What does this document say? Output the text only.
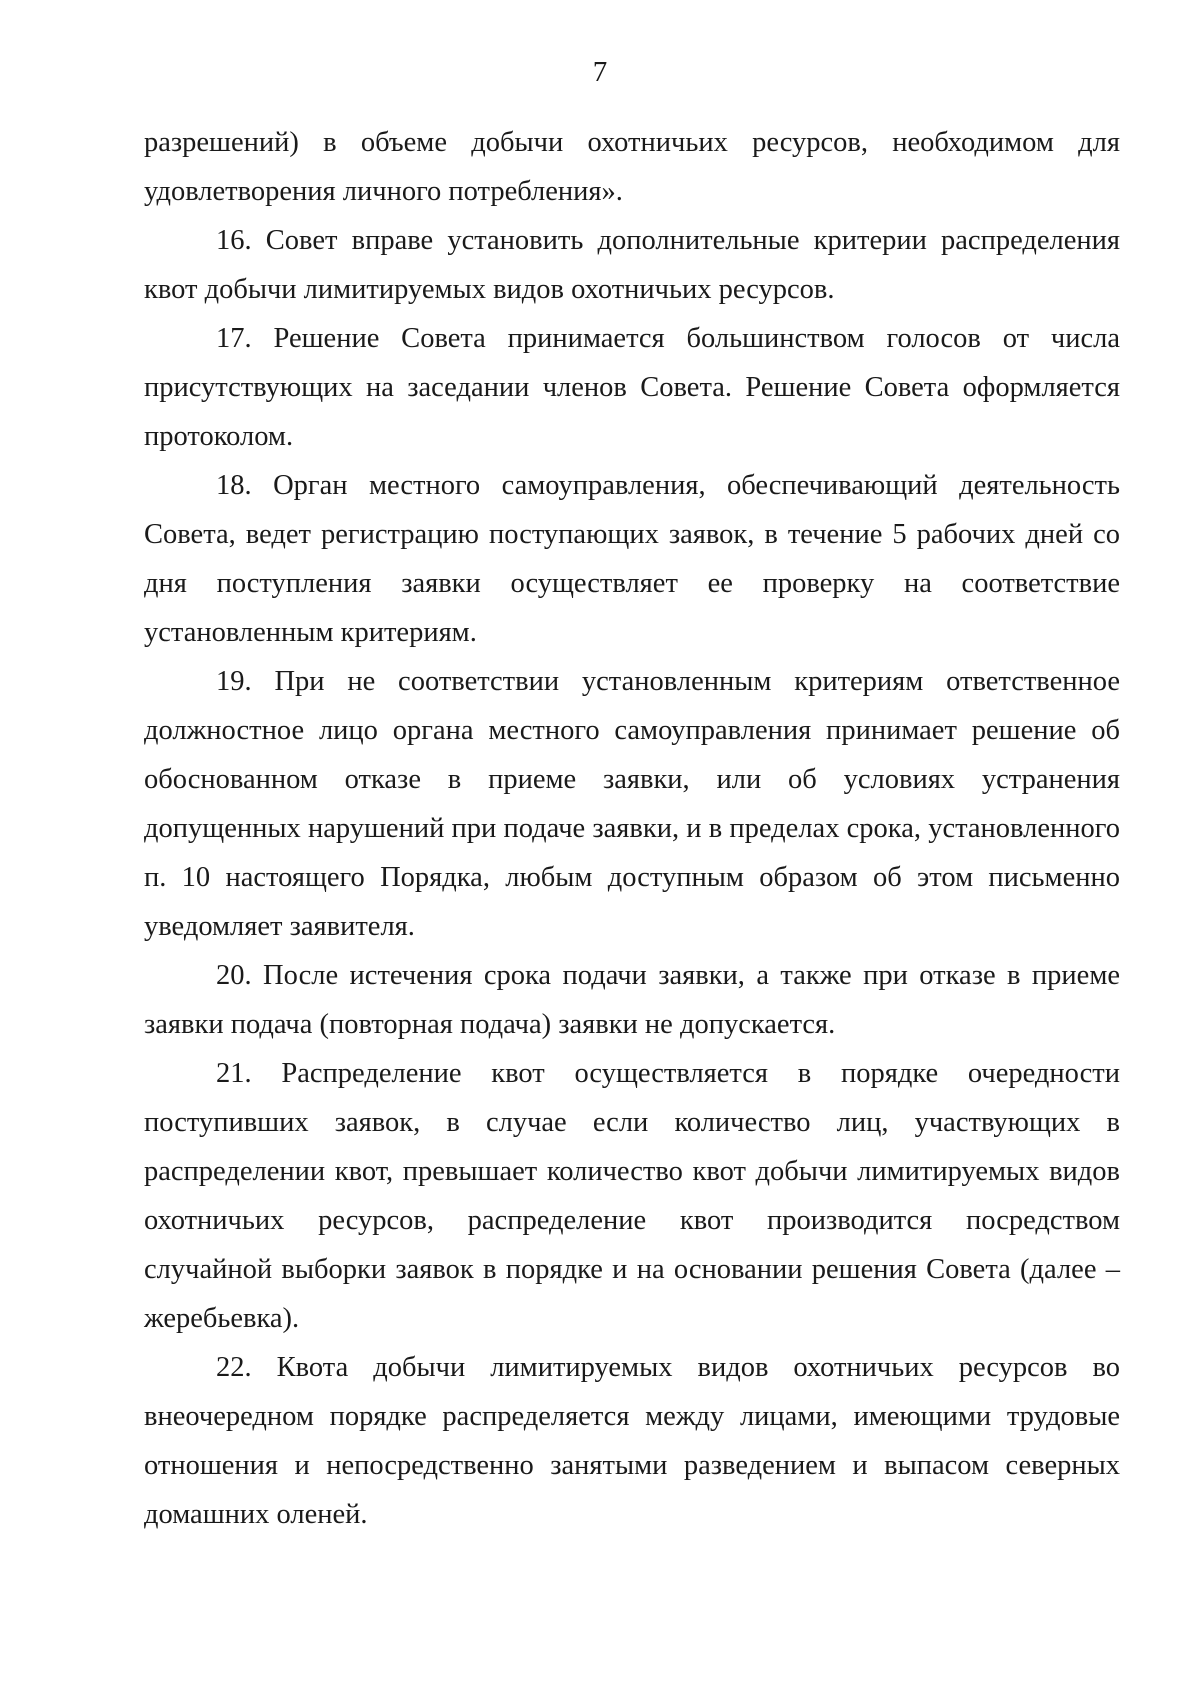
7

разрешений) в объеме добычи охотничьих ресурсов, необходимом для удовлетворения личного потребления».

16. Совет вправе установить дополнительные критерии распределения квот добычи лимитируемых видов охотничьих ресурсов.

17. Решение Совета принимается большинством голосов от числа присутствующих на заседании членов Совета. Решение Совета оформляется протоколом.

18. Орган местного самоуправления, обеспечивающий деятельность Совета, ведет регистрацию поступающих заявок, в течение 5 рабочих дней со дня поступления заявки осуществляет ее проверку на соответствие установленным критериям.

19. При не соответствии установленным критериям ответственное должностное лицо органа местного самоуправления принимает решение об обоснованном отказе в приеме заявки, или об условиях устранения допущенных нарушений при подаче заявки, и в пределах срока, установленного п. 10 настоящего Порядка, любым доступным образом об этом письменно уведомляет заявителя.

20. После истечения срока подачи заявки, а также при отказе в приеме заявки подача (повторная подача) заявки не допускается.

21. Распределение квот осуществляется в порядке очередности поступивших заявок, в случае если количество лиц, участвующих в распределении квот, превышает количество квот добычи лимитируемых видов охотничьих ресурсов, распределение квот производится посредством случайной выборки заявок в порядке и на основании решения Совета (далее – жеребьевка).

22. Квота добычи лимитируемых видов охотничьих ресурсов во внеочередном порядке распределяется между лицами, имеющими трудовые отношения и непосредственно занятыми разведением и выпасом северных домашних оленей.
